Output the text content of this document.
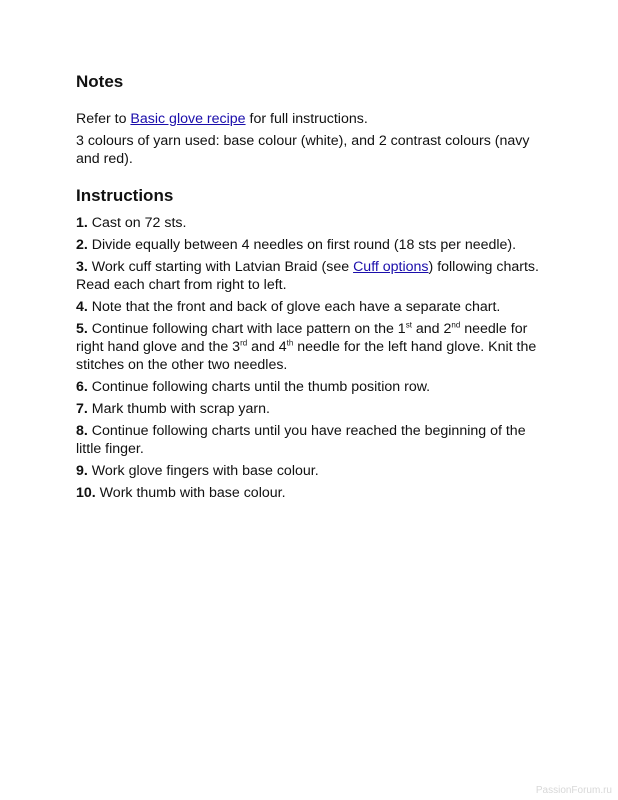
Notes

Refer to Basic glove recipe for full instructions.

3 colours of yarn used: base colour (white), and 2 contrast colours (navy and red).

Instructions

1. Cast on 72 sts.

2. Divide equally between 4 needles on first round (18 sts per needle).

3. Work cuff starting with Latvian Braid (see Cuff options) following charts. Read each chart from right to left.

4. Note that the front and back of glove each have a separate chart.

5. Continue following chart with lace pattern on the 1st and 2nd needle for right hand glove and the 3rd and 4th needle for the left hand glove. Knit the stitches on the other two needles.

6. Continue following charts until the thumb position row.

7. Mark thumb with scrap yarn.

8. Continue following charts until you have reached the beginning of the little finger.

9. Work glove fingers with base colour.

10. Work thumb with base colour.

PassionForum.ru
